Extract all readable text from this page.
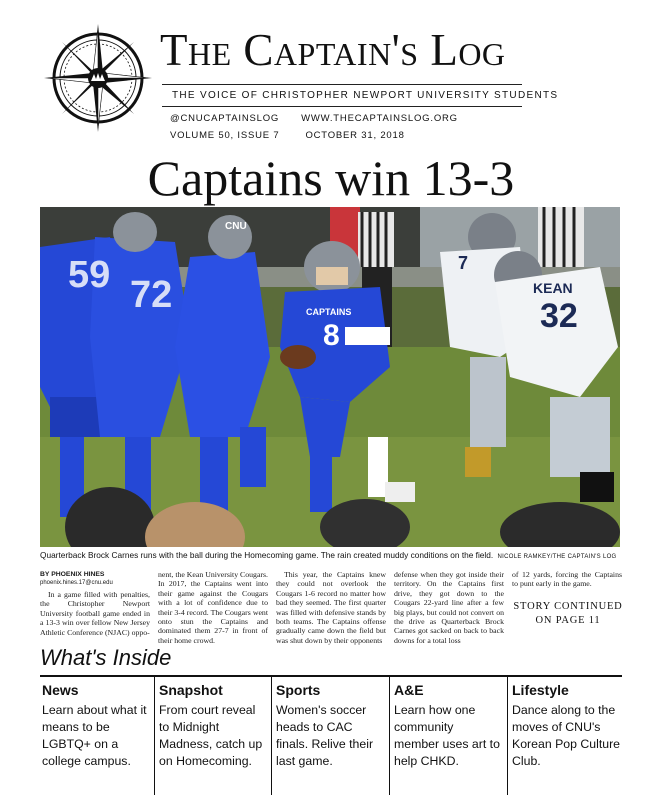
The Captain's Log
THE VOICE OF CHRISTOPHER NEWPORT UNIVERSITY STUDENTS
@CNUCAPTAINSLOG WWW.THECAPTAINSLOG.ORG
VOLUME 50, ISSUE 7	OCTOBER 31, 2018
Captains win 13-3
59 72
8
CAPTAINS	32
KEAN
7
CNU
Quarterback Brock Carnes runs with the ball during the Homecoming game. The rain created muddy conditions on the field. NICOLE RAMKEY/THE CAPTAIN'S LOG
BY PHOENIX HINES
phoenix.hines.17@cnu.edu

In a game filled with penalties, the Christopher Newport University football game ended in a 13-3 win over fellow New Jersey Athletic Conference (NJAC) oppo-

nent, the Kean University Cougars. In 2017, the Captains went into their game against the Cougars with a lot of confidence due to their 3-4 record. The Cougars went onto stun the Captains and dominated them 27-7 in front of their home crowd.

This year, the Captains knew they could not overlook the Cougars 1-6 record no matter how bad they seemed. The first quarter was filled with defensive stands by both teams. The Captains offense gradually came down the field but was shut down by their opponents

defense when they got inside their territory. On the Captains first drive, they got down to the Cougars 22-yard line after a few big plays, but could not convert on the drive as Quarterback Brock Carnes got sacked on back to back downs for a total loss

of 12 yards, forcing the Captains to punt early in the game.

STORY CONTINUED ON PAGE 11
What's Inside
News
Learn about what it means to be LGBTQ+ on a college campus.
Snapshot
From court reveal to Midnight Madness, catch up on Homecoming.
Sports
Women's soccer heads to CAC finals. Relive their last game.
A&E
Learn how one community member uses art to help CHKD.
Lifestyle
Dance along to the moves of CNU's Korean Pop Culture Club.
